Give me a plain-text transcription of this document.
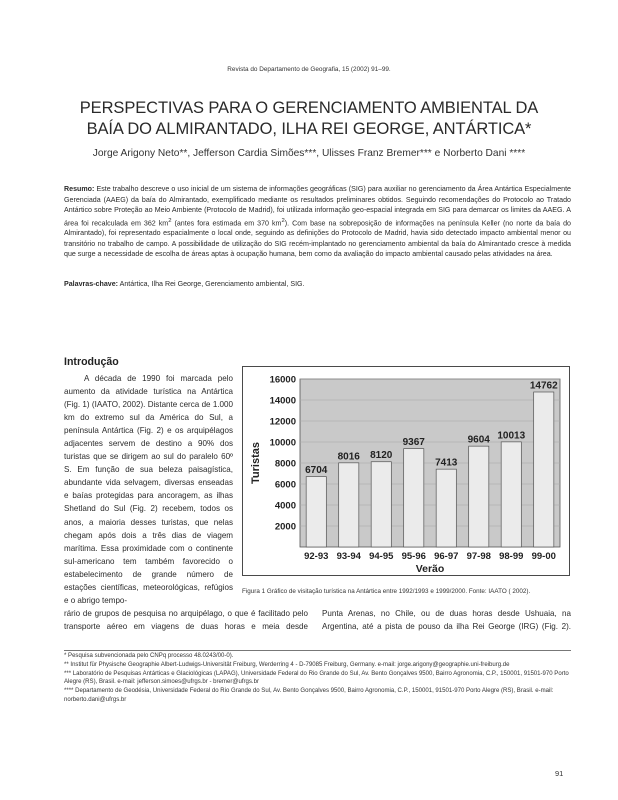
Revista do Departamento de Geografia, 15 (2002) 91–99.
PERSPECTIVAS PARA O GERENCIAMENTO AMBIENTAL DA
BAÍA DO ALMIRANTADO, ILHA REI GEORGE, ANTÁRTICA*
Jorge Arigony Neto**, Jefferson Cardia Simões***, Ulisses Franz Bremer*** e Norberto Dani ****
Resumo: Este trabalho descreve o uso inicial de um sistema de informações geográficas (SIG) para auxiliar no gerenciamento da Área Antártica Especialmente Gerenciada (AAEG) da baía do Almirantado, exemplificado mediante os resultados preliminares obtidos. Seguindo recomendações do Protocolo ao Tratado Antártico sobre Proteção ao Meio Ambiente (Protocolo de Madrid), foi utilizada informação geo-espacial integrada em SIG para demarcar os limites da AAEG. A área foi recalculada em 362 $km^2$ (antes fora estimada em 370 $km^2$). Com base na sobreposição de informações na península Keller (no norte da baía do Almirantado), foi representado espacialmente o local onde, seguindo as definições do Protocolo de Madrid, havia sido detectado impacto ambiental menor ou transitório no trabalho de campo. A possibilidade de utilização do SIG recém-implantado no gerenciamento ambiental da baía do Almirantado cresce à medida que surge a necessidade de escolha de áreas aptas à ocupação humana, bem como da avaliação do impacto ambiental causado pelas atividades na área.
Palavras-chave: Antártica, Ilha Rei George, Gerenciamento ambiental, SIG.
Introdução

A década de 1990 foi marcada pelo aumento da atividade turística na Antártica (Fig. 1) (IAATO, 2002). Distante cerca de 1.000 km do extremo sul da América do Sul, a península Antártica (Fig. 2) e os arquipélagos adjacentes servem de destino a 90% dos turistas que se dirigem ao sul do paralelo 60º S. Em função de sua beleza paisagística, abundante vida selvagem, diversas enseadas e baías protegidas para ancoragem, as ilhas Shetland do Sul (Fig. 2) recebem, todos os anos, a maioria desses turistas, que nelas chegam após dois a três dias de viagem marítima. Essa proximidade com o continente sul-americano tem também favorecido o estabelecimento de grande número de estações científicas, meteorológicas, refúgios e o abrigo tempo-

2000
4000
6000
8000
10000
12000
14000
16000
6704
92-93
8016
93-94
8120
94-95
9367
95-96
7413
96-97
9604
97-98
10013
98-99
14762
99-00
Verão
Turistas
Figura 1 Gráfico de visitação turística na Antártica entre 1992/1993 e 1999/2000. Fonte: IAATO ( 2002).
rário de grupos de pesquisa no arquipélago, o que é facilitado pelo transporte aéreo em viagens de duas horas e meia desde
Punta Arenas, no Chile, ou de duas horas desde Ushuaia, na Argentina, até a pista de pouso da ilha Rei George (IRG) (Fig. 2).
* Pesquisa subvencionada pelo CNPq processo 48.0243/00-0).
** Institut für Physische Geographie Albert-Ludwigs-Universität Freiburg, Werderring 4 - D-79085 Freiburg, Germany. e-mail: jorge.arigony@geographie.uni-freiburg.de
*** Laboratório de Pesquisas Antárticas e Glaciológicas (LAPAG), Universidade Federal do Rio Grande do Sul, Av. Bento Gonçalves 9500, Bairro Agronomia, C.P., 150001, 91501-970 Porto Alegre (RS), Brasil. e-mail: jefferson.simoes@ufrgs.br - bremer@ufrgs.br
**** Departamento de Geodésia, Universidade Federal do Rio Grande do Sul, Av. Bento Gonçalves 9500, Bairro Agronomia, C.P., 150001, 91501-970 Porto Alegre (RS), Brasil. e-mail: norberto.dani@ufrgs.br
91
